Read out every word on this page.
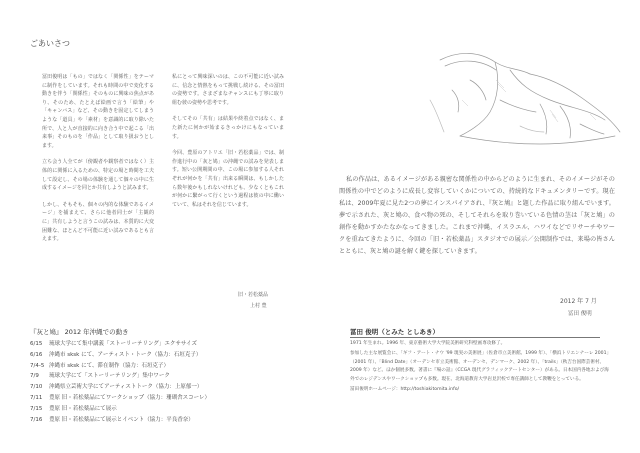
ごあいさつ

冨田俊明は「もの」ではなく「関係性」をテーマに制作をしています。それも時間の中で変化する動きを伴う「関係性」そのものに興味の焦点があり、そのため、たとえば絵画で言う「絵筆」や「キャンバス」など、その動きを固定してしまうような「道具」や「素材」を意識的に取り除いた所で、人と人が直接的に向き合う中で起こる「出来事」そのものを「作品」として取り扱おうとします。

立ち会う人全てが（傍観者や観察者ではなく）主体的に関係に入るための、特定の場と時間を工夫して設定し、その場の体験を通して個々の中に生成するイメージを同とか共有しようと試みます。

しかし、そもそも、個々の内的な体験であるイメージ」を捕まえて、さらに他者同士が「主観的に」共有しようと言うこの試みは、本質的に大変困難な、ほとんど不可能に近い試みであるとも言えます。

私にとって興味深いのは、この不可能に近い試みに、信念と情熱をもって挑戦し続ける、その冨田の姿勢です。さまざまなチャンスにも丁寧に取り組む彼の姿勢や思考です。

そしてその「共有」は結果や終着点ではなく、また新たに何かが始まるきっかけにもなっています。

今回、豊原のアトリエ「旧・若松薬品」では、制作進行中の「灰と鳩」の沖縄での試みを発表します。短い公開期間の中、この場に参加する人それぞれが何かを「共有」出来る瞬間は、もしかしたら数年後かもしれないけれども、少なくともこれが何かに繋がって行くという過程は彼の中に働いていて、私はそれを信じています。

旧・若松薬品
上村 豊

私の作品は、あるイメージがある親密な関係性の中からどのように生まれ、そのイメージがその関係性の中でどのように成長し変容していくかについての、持続的なドキュメンタリーです。現在私は、2009年夏に見た2つの夢にインスパイアされ、『灰と鳩』と題した作品に取り組んでいます。夢で示された、灰と鳩の、食べ物の死の、そしてそれらを取り巻いている色情の茎は「灰と鳩」の創作を動かすかたなかなってきました。これまで沖縄、イスラエル、ハワイなどでリサーチやワークを重ねてきたように、今回の「旧・若松薬品」スタジオでの展示／公開制作では、来場の皆さんとともに、灰と鳩の謎を解く鍵を探していきます。

2012 年 7 月
冨田 俊明
『灰と鳩』 2012 年沖縄での動き
6/15 琉球大学にて集中講義「ストーリーテリング」エクササイズ
6/16 沖縄市 sksk にて、アーティスト・トーク（協力：石垣克子）
7/4-5 沖縄市 sksk にて、滞在制作（協力：石垣克子）
7/9 琉球大学にて「ストーリーテリング」集中ワーク
7/10 沖縄県立芸術大学にてアーティストトーク（協力：上原郁一）
7/11 豊原 旧・若松薬品にてワークショップ（協力：珊瑚舎スコーレ）
7/15 豊原 旧・若松薬品にて展示
7/16 豊原 旧・若松薬品にて展示とイベント（協力：平良香奈）
冨田 俊明（とみた としあき）

1971 年生まれ。1996 年、東京藝術大学大学院美術研究科壁画専攻修了。

参加した主な展覧会に、「ギフ・アート・ナウ '99 現実の美術展」（佐倉市立美術館、1999 年）、「横浜トリエンナーレ 2001」（2001 年）、「Blind Date」（オーデンセ市立美術館、オーデンセ、デンマーク、2002 年）、「trails」（秋吉台国際芸術村、2009 年）など。ほか個展多数。著書に『場の話』（CCGA 現代グラフィックアートセンター）がある。日本国内各地および海外でのレジデンスやワークショップも多数。現在、北海道教育大学岩見沢校で専任講師として教鞭をとっている。

冨田俊明ホームページ：http://toshiakitomita.info/
